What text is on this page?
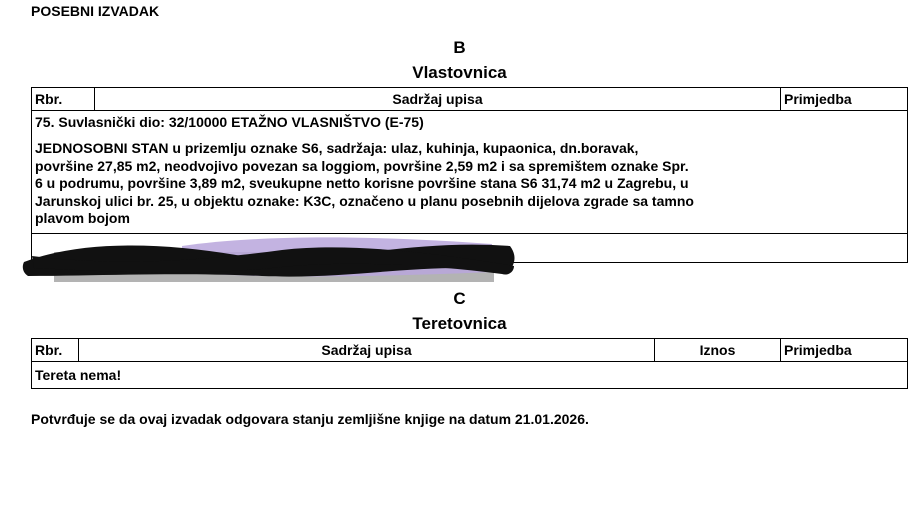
POSEBNI IZVADAK
B
Vlastovnica
Rbr.	Sadržaj upisa	Primjedba

75. Suvlasnički dio: 32/10000 ETAŽNO VLASNIŠTVO (E-75)
JEDNOSOBNI STAN u prizemlju oznake S6, sadržaja: ulaz, kuhinja, kupaonica, dn.boravak,
površine 27,85 m2, neodvojivo povezan sa loggiom, površine 2,59 m2 i sa spremištem oznake Spr.
6 u podrumu, površine 3,89 m2, sveukupne netto korisne površine stana S6 31,74 m2 u Zagrebu, u
Jarunskoj ulici br. 25, u objektu oznake: K3C, označeno u planu posebnih dijelova zgrade sa tamno
plavom bojom

C
Teretovnica
Rbr.	Sadržaj upisa	Iznos	Primjedba
Tereta nema!
Potvrđuje se da ovaj izvadak odgovara stanju zemljišne knjige na datum 21.01.2026.
